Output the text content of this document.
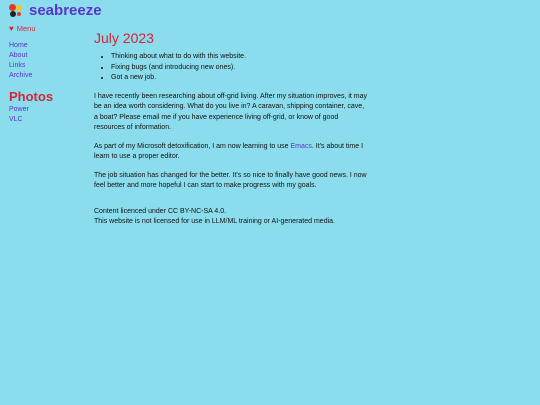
seabreeze
♥ Menu
Home
About
Links
Archive
Photos
Power
VLC
July 2023
• Thinking about what to do with this website.
• Fixing bugs (and introducing new ones).
• Got a new job.

I have recently been researching about off-grid living. After my situation improves, it may be an idea worth considering. What do you live in? A caravan, shipping container, cave, a boat? Please email me if you have experience living off-grid, or know of good resources of information.

As part of my Microsoft detoxification, I am now learning to use Emacs. It's about time I learn to use a proper editor.

The job situation has changed for the better. It's so nice to finally have good news. I now feel better and more hopeful I can start to make progress with my goals.

Content licenced under CC BY-NC-SA 4.0.
This website is not licensed for use in LLM/ML training or AI-generated media.
